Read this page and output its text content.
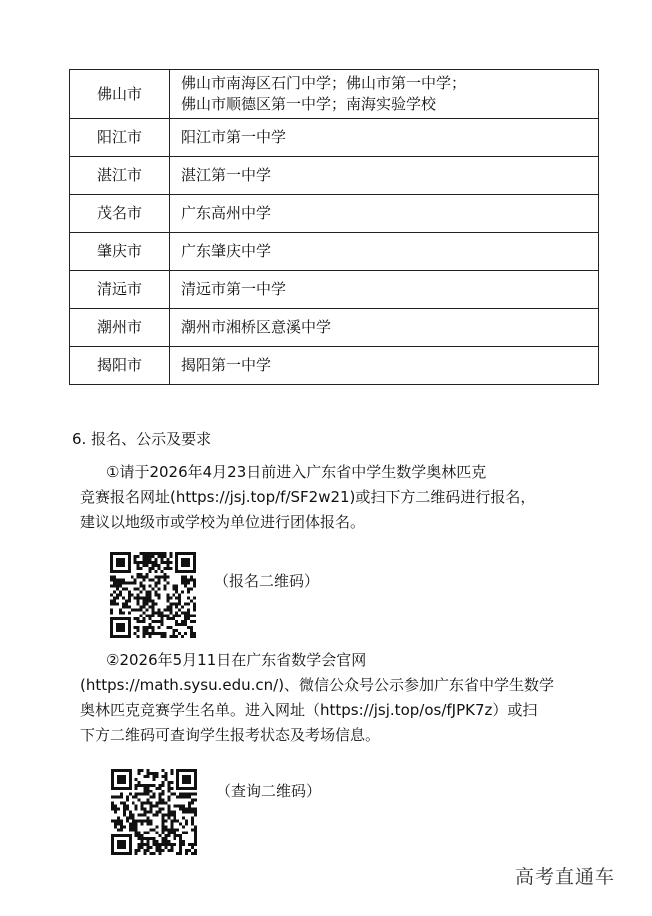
佛山市	佛山市南海区石门中学；佛山市第一中学；
佛山市顺德区第一中学；南海实验学校

阳江市	阳江市第一中学
湛江市	湛江第一中学
茂名市	广东高州中学
肇庆市	广东肇庆中学
清远市	清远市第一中学
潮州市	潮州市湘桥区意溪中学
揭阳市	揭阳第一中学
6. 报名、公示及要求
①请于2026年4月23日前进入广东省中学生数学奥林匹克
竞赛报名网址(https://jsj.top/f/SF2w21)或扫下方二维码进行报名，
建议以地级市或学校为单位进行团体报名。
（报名二维码）
②2026年5月11日在广东省数学会官网
(https://math.sysu.edu.cn/)、微信公众号公示参加广东省中学生数学
奥林匹克竞赛学生名单。进入网址（https://jsj.top/os/fJPK7z）或扫
下方二维码可查询学生报考状态及考场信息。
（查询二维码）
高考直通车
